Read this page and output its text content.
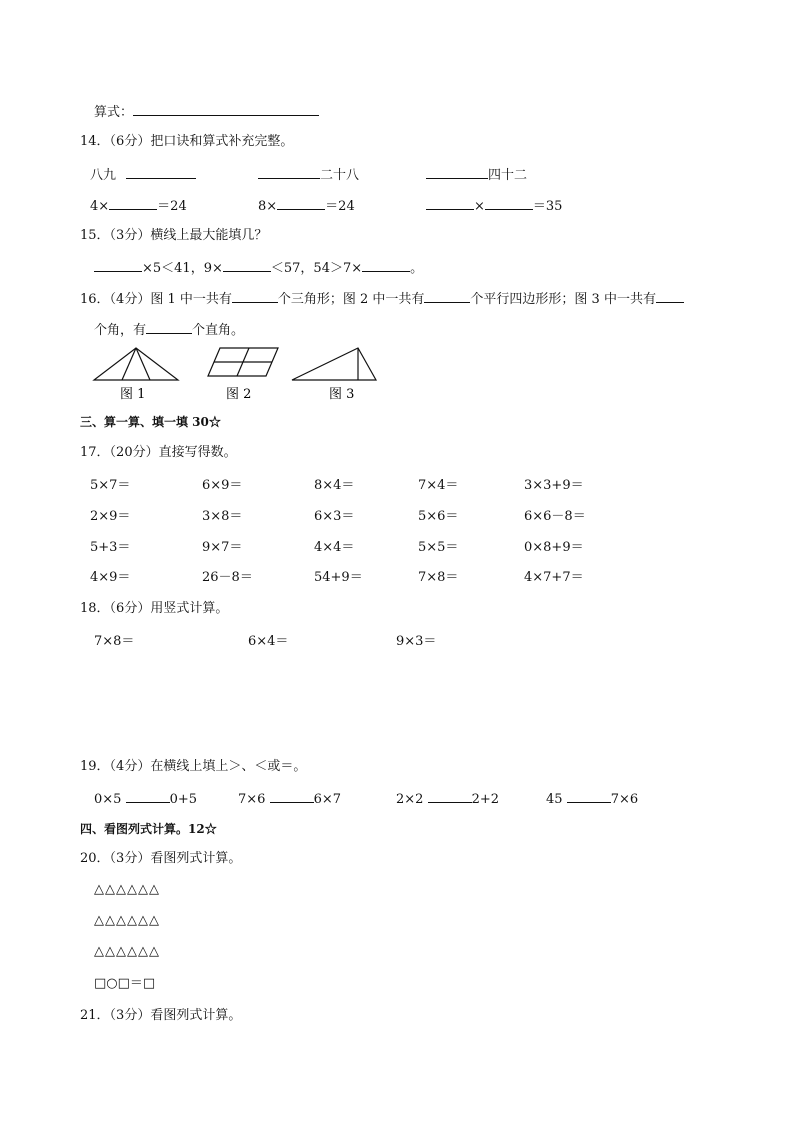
算式：
14．（6分）把口诀和算式补充完整。
八九	二十八	四十二
4×	＝24	8×	＝24	×	＝35
15．（3分）横线上最大能填几？
×5＜41，9×	＜57，54＞7×	。
16．（4分）图 1 中一共有	个三角形；图 2 中一共有	个平行四边形形；图 3 中一共有
个角，有	个直角。
图 1	图 2	图 3
三、算一算、填一填 30☆
17．（20分）直接写得数。
5×7＝	6×9＝	8×4＝	7×4＝	3×3+9＝
2×9＝	3×8＝	6×3＝	5×6＝	6×6－8＝
5+3＝	9×7＝	4×4＝	5×5＝	0×8+9＝
4×9＝	26－8＝	54+9＝	7×8＝	4×7+7＝
18．（6分）用竖式计算。
7×8＝	6×4＝	9×3＝
19．（4分）在横线上填上＞、＜或＝。
0×5	0+5	7×6	6×7	2×2	2+2	45	7×6
四、看图列式计算。12☆
20．（3分）看图列式计算。
△△△△△△
△△△△△△
△△△△△△
□○□＝□
21．（3分）看图列式计算。
